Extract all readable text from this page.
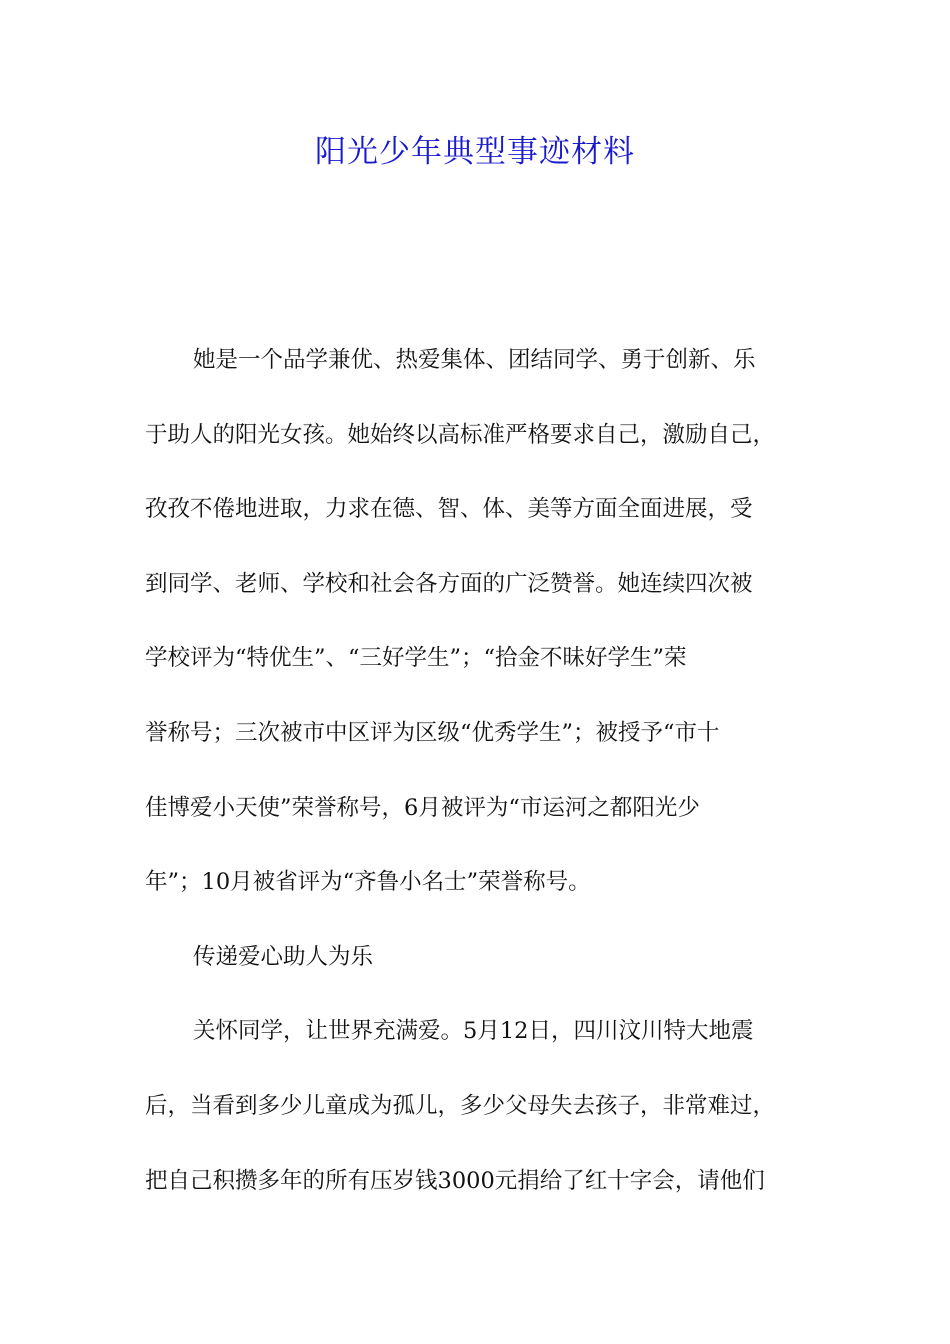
阳光少年典型事迹材料
她是一个品学兼优、热爱集体、团结同学、勇于创新、乐
于助人的阳光女孩。她始终以高标准严格要求自己，激励自己，
孜孜不倦地进取，力求在德、智、体、美等方面全面进展，受
到同学、老师、学校和社会各方面的广泛赞誉。她连续四次被
学校评为“特优生”、“三好学生”；“拾金不昧好学生”荣
誉称号；三次被市中区评为区级“优秀学生”；被授予“市十
佳博爱小天使”荣誉称号，6月被评为“市运河之都阳光少
年”；10月被省评为“齐鲁小名士”荣誉称号。
传递爱心助人为乐
关怀同学，让世界充满爱。5月12日，四川汶川特大地震
后，当看到多少儿童成为孤儿，多少父母失去孩子，非常难过，
把自己积攒多年的所有压岁钱3000元捐给了红十字会，请他们
